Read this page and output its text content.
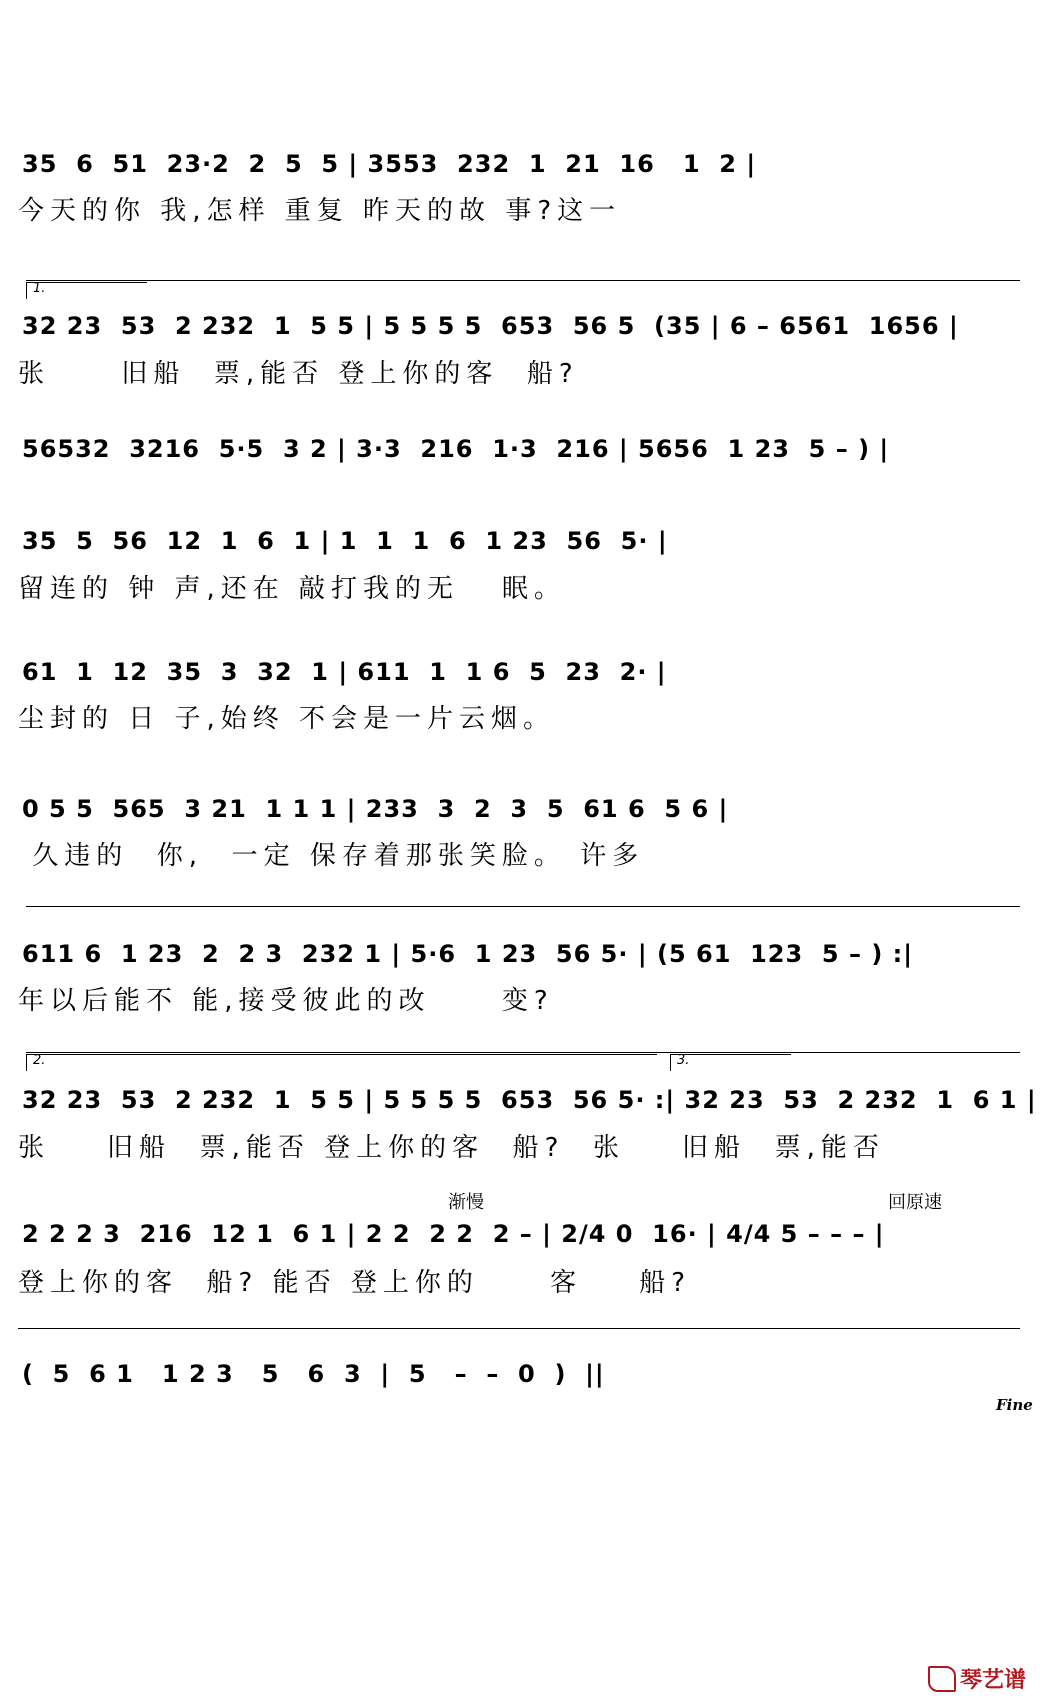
35  6  51  23·2  2  5  5 | 3553  232  1  21  16   1  2 |
今天的你 我,怎样 重复 昨天的故 事?这一
1.
32 23  53  2 232  1  5 5 | 5 5 5 5  653  56 5  (35 | 6 – 6561  1656 |
张     旧船  票,能否 登上你的客  船?
56532  3216  5·5  3 2 | 3·3  216  1·3  216 | 5656  1 23  5 – ) |
35  5  56  12  1  6  1 | 1  1  1  6  1 23  56  5· |
留连的 钟 声,还在 敲打我的无   眠。
61  1  12  35  3  32  1 | 611  1  1 6  5  23  2· |
尘封的 日 子,始终 不会是一片云烟。
0 5 5  565  3 21  1 1 1 | 233  3  2  3  5  61 6  5 6 |
久违的  你,  一定 保存着那张笑脸。 许多
611 6  1 23  2  2 3  232 1 | 5·6  1 23  56 5· | (5 61  123  5 – ) :|
年以后能不 能,接受彼此的改     变?
2.	3.
32 23  53  2 232  1  5 5 | 5 5 5 5  653  56 5· :| 32 23  53  2 232  1  6 1 |
张    旧船  票,能否 登上你的客  船?  张    旧船  票,能否
渐慢	回原速
2 2 2 3  216  12 1  6 1 | 2 2  2 2  2 – | 2/4 0  16· | 4/4 5 – – – |
登上你的客  船? 能否 登上你的     客    船?
(  5  6 1   1 2 3   5   6  3  |  5   –  –  0  )  ||
Fine
琴艺谱
